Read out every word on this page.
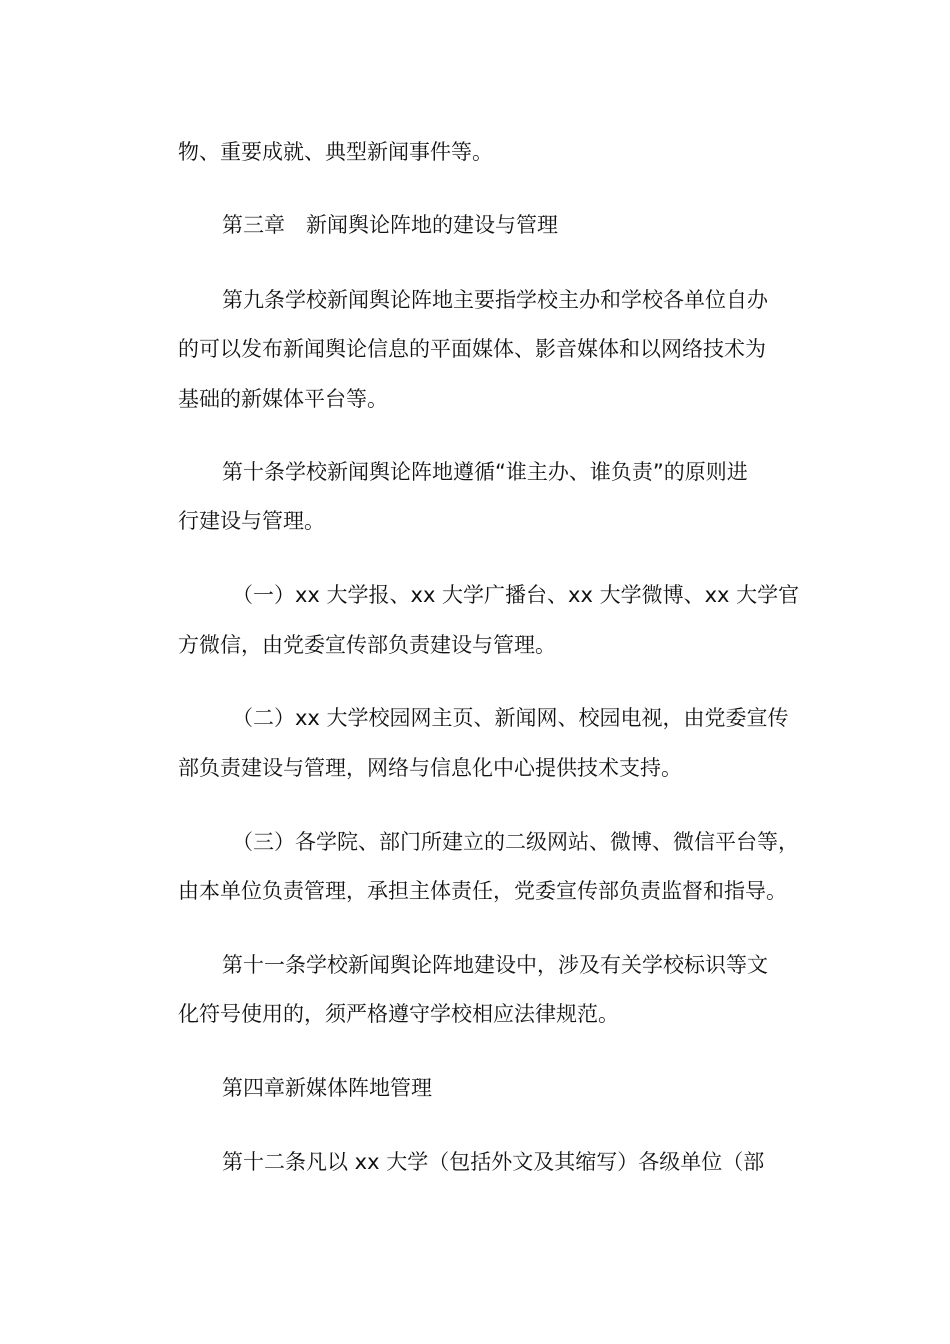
物、重要成就、典型新闻事件等。
第三章　新闻舆论阵地的建设与管理
第九条学校新闻舆论阵地主要指学校主办和学校各单位自办
的可以发布新闻舆论信息的平面媒体、影音媒体和以网络技术为
基础的新媒体平台等。
第十条学校新闻舆论阵地遵循“谁主办、谁负责”的原则进
行建设与管理。
（一）xx 大学报、xx 大学广播台、xx 大学微博、xx 大学官
方微信，由党委宣传部负责建设与管理。
（二）xx 大学校园网主页、新闻网、校园电视，由党委宣传
部负责建设与管理，网络与信息化中心提供技术支持。
（三）各学院、部门所建立的二级网站、微博、微信平台等，
由本单位负责管理，承担主体责任，党委宣传部负责监督和指导。
第十一条学校新闻舆论阵地建设中，涉及有关学校标识等文
化符号使用的，须严格遵守学校相应法律规范。
第四章新媒体阵地管理
第十二条凡以 xx 大学（包括外文及其缩写）各级单位（部
